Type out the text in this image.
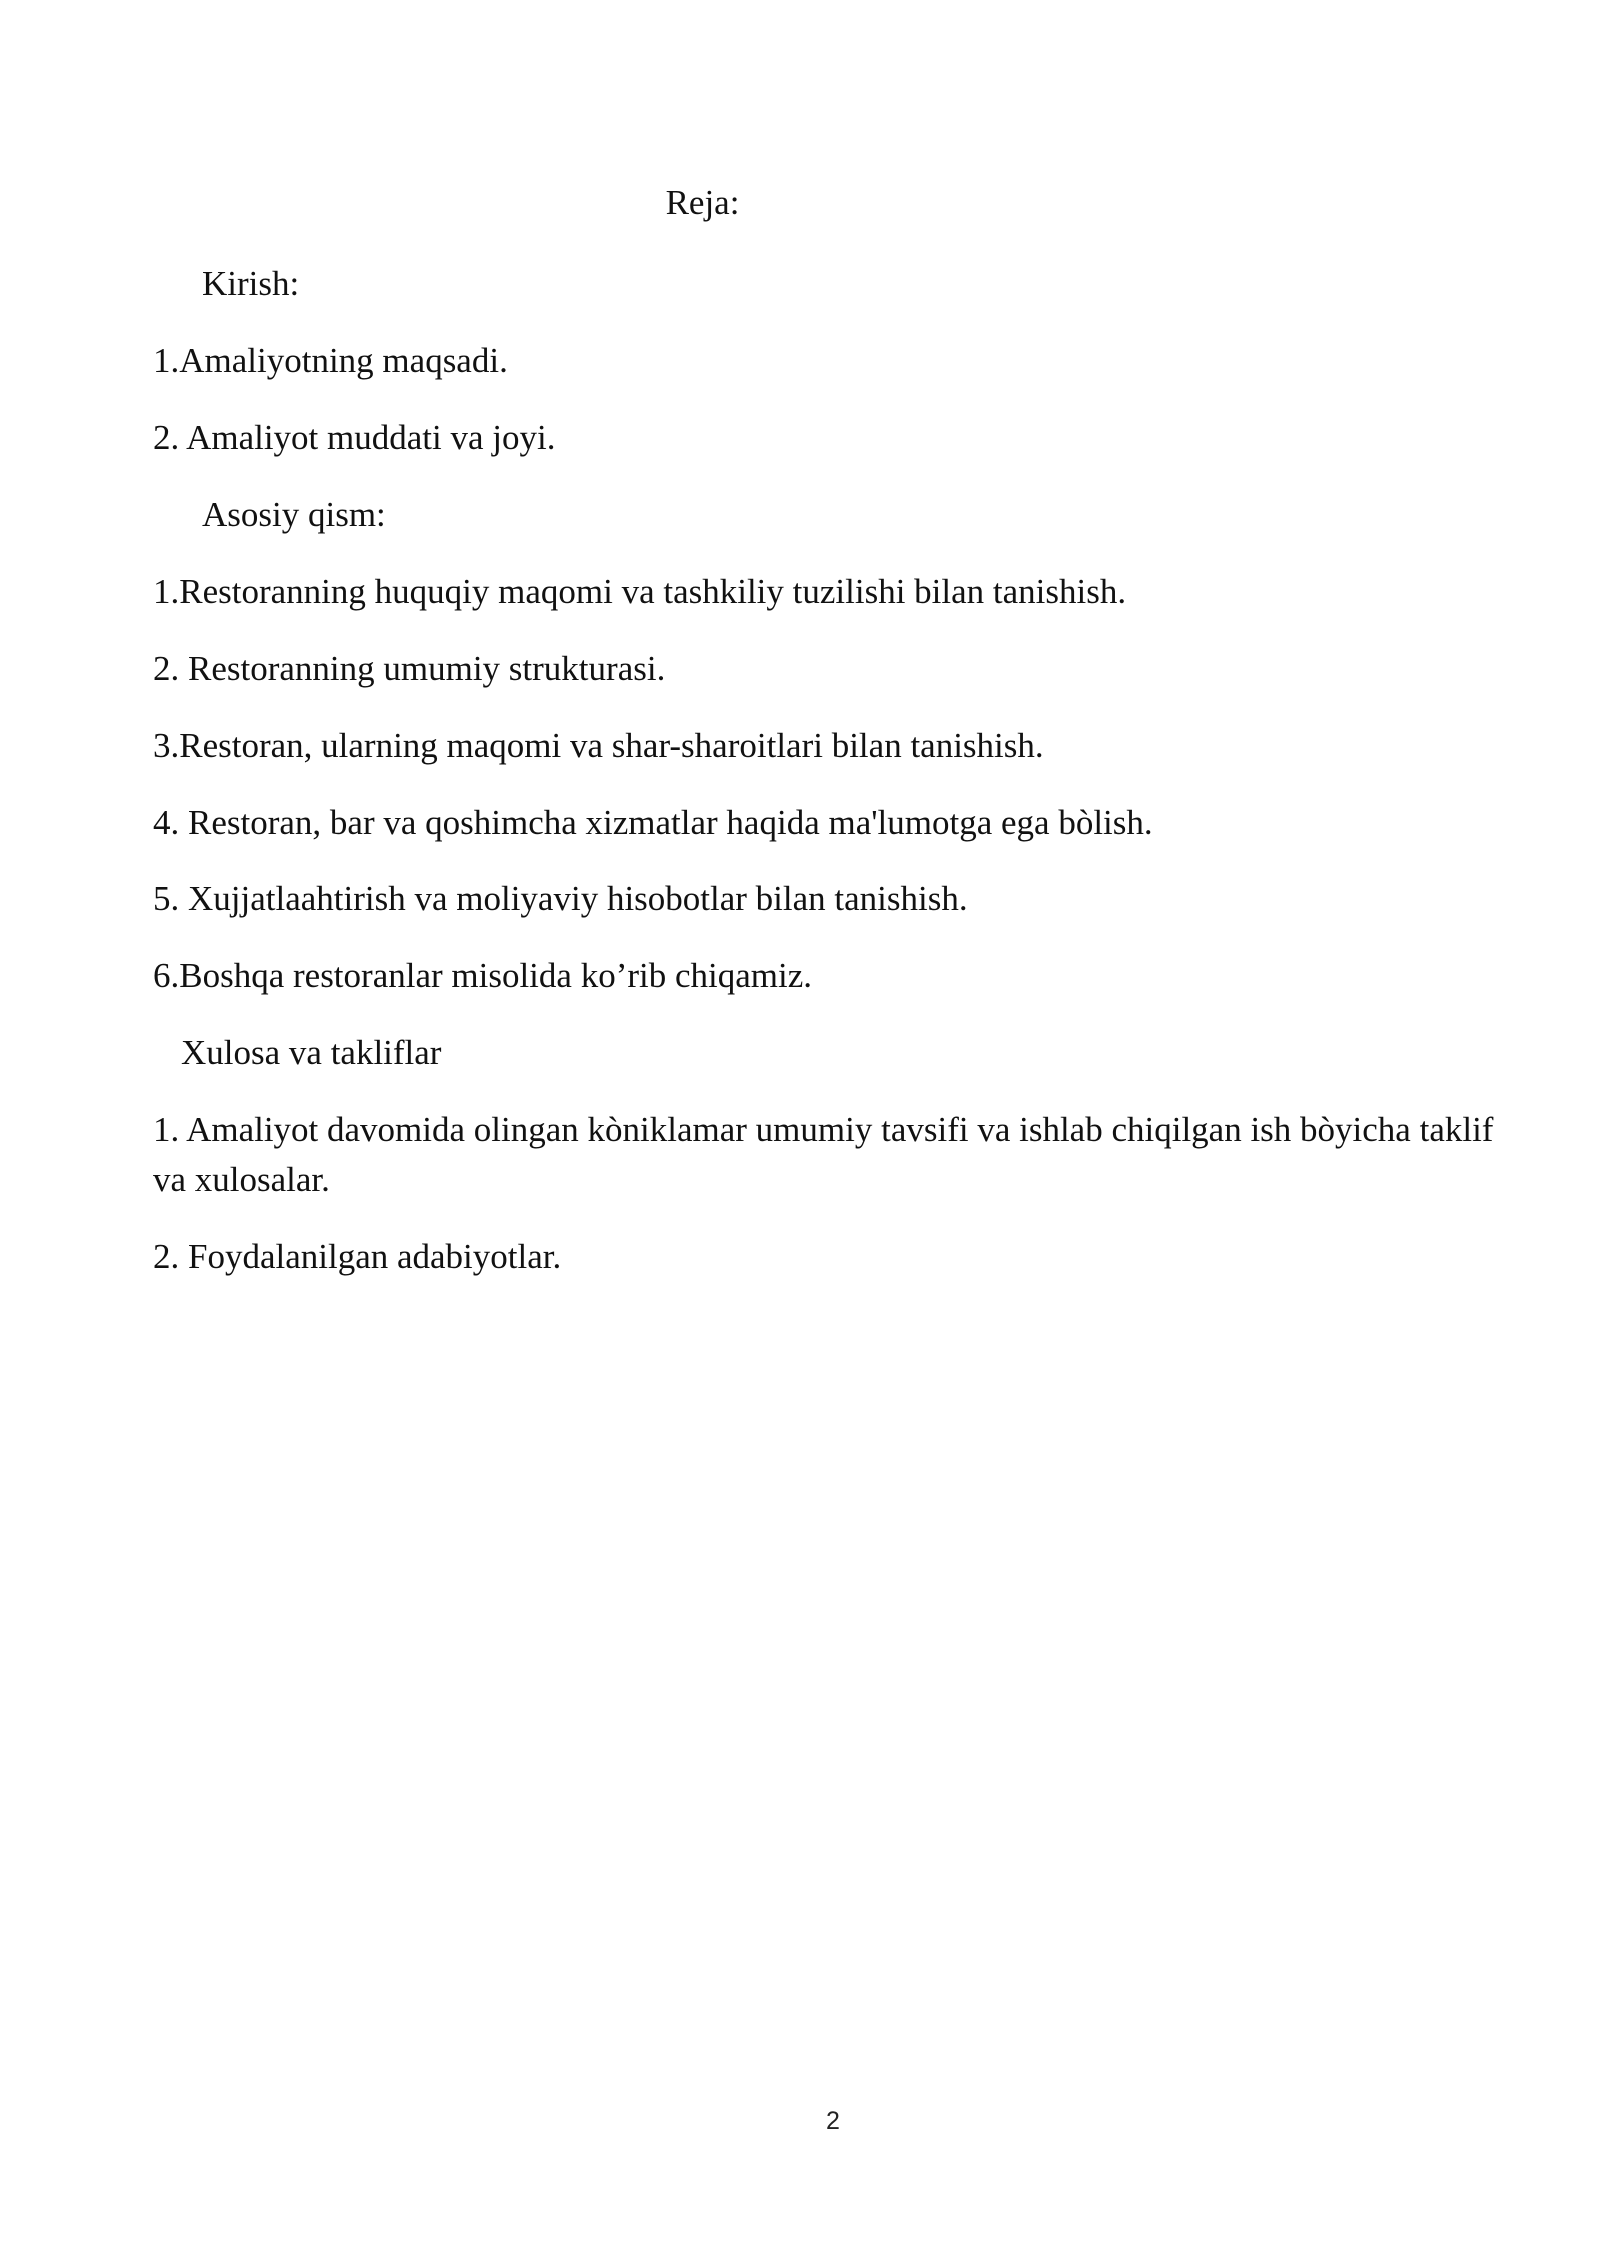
Reja:
Kirish:
1.Amaliyotning maqsadi.
2. Amaliyot muddati va joyi.
Asosiy qism:
1.Restoranning huquqiy maqomi va tashkiliy tuzilishi bilan tanishish.
2. Restoranning umumiy strukturasi.
3.Restoran, ularning maqomi va shar-sharoitlari bilan tanishish.
4. Restoran, bar va qoshimcha xizmatlar haqida ma'lumotga ega bòlish.
5. Xujjatlaahtirish va moliyaviy hisobotlar bilan tanishish.
6.Boshqa restoranlar misolida ko’rib chiqamiz.
Xulosa va takliflar
1. Amaliyot davomida olingan kòniklamar umumiy tavsifi va ishlab chiqilgan ish bòyicha taklif va xulosalar.
2. Foydalanilgan adabiyotlar.
2
